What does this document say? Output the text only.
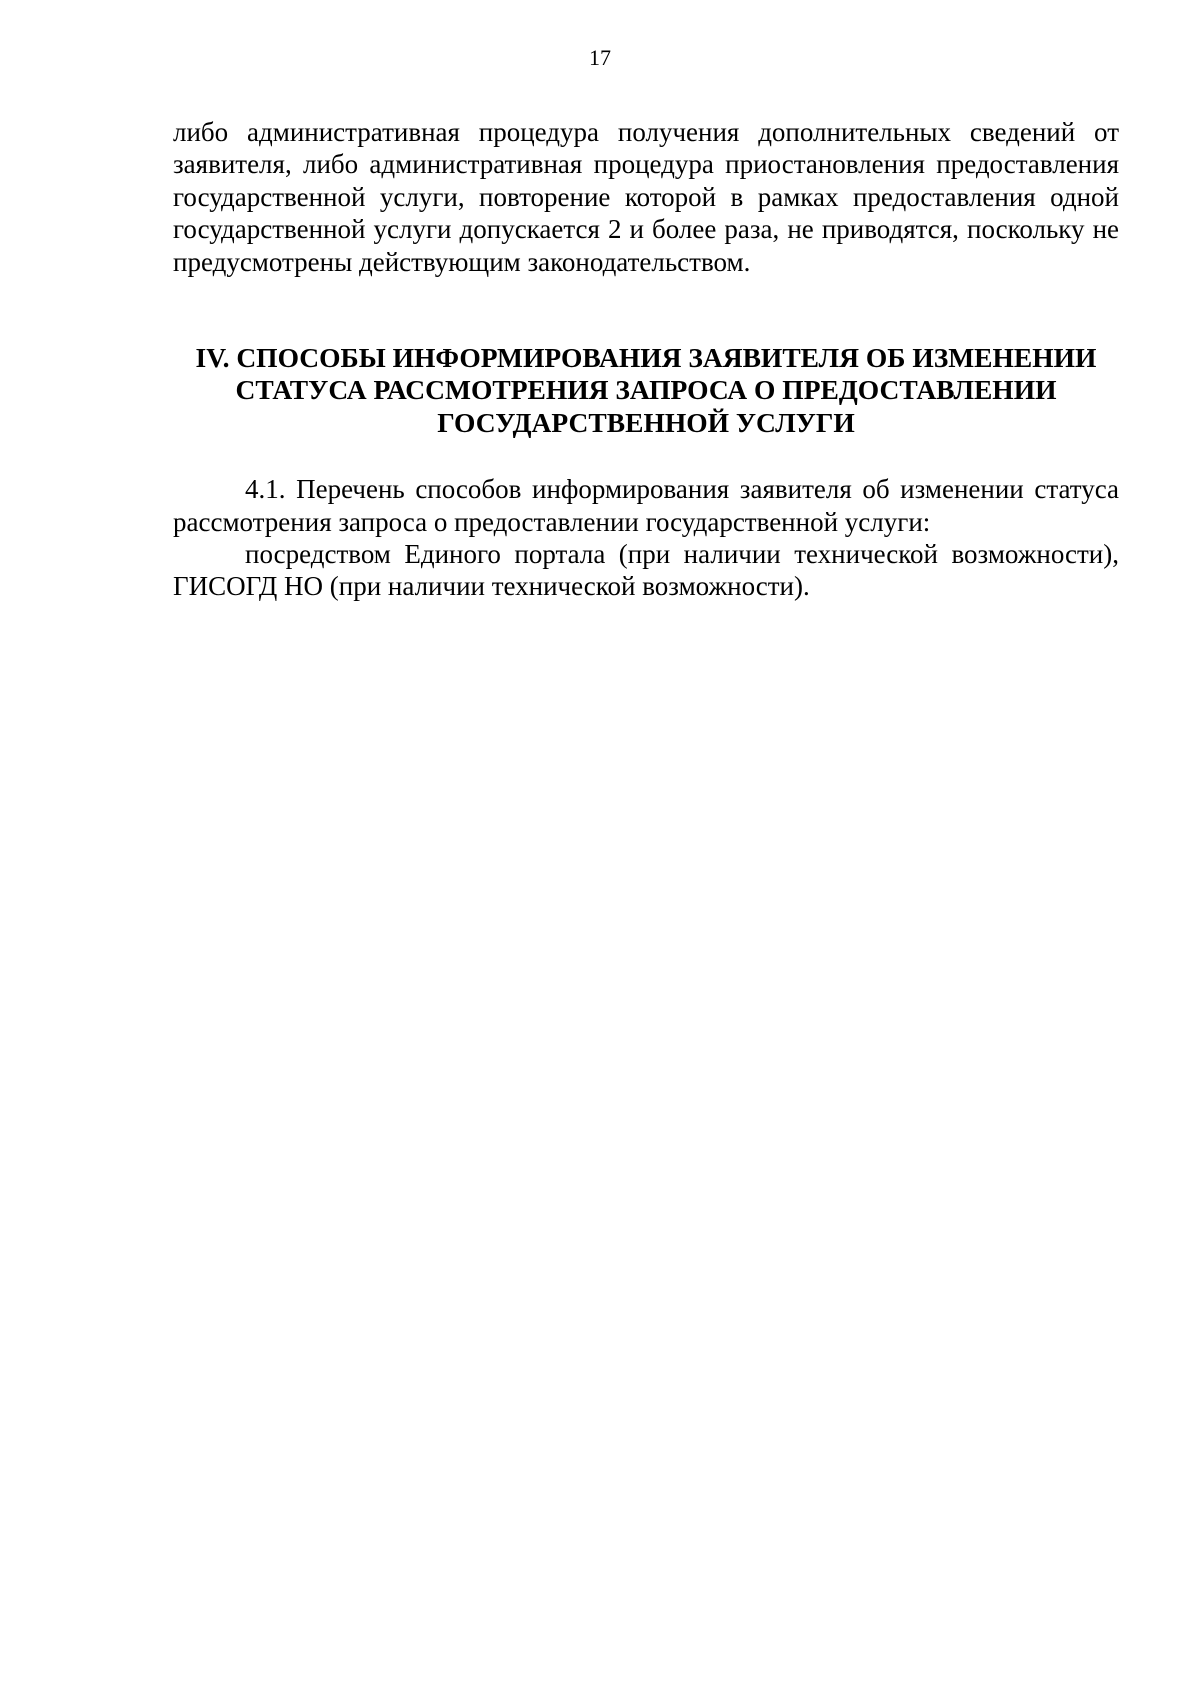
17

либо административная процедура получения дополнительных сведений от заявителя, либо административная процедура приостановления предоставления государственной услуги, повторение которой в рамках предоставления одной государственной услуги допускается 2 и более раза, не приводятся, поскольку не предусмотрены действующим законодательством.

IV. СПОСОБЫ ИНФОРМИРОВАНИЯ ЗАЯВИТЕЛЯ ОБ ИЗМЕНЕНИИ СТАТУСА РАССМОТРЕНИЯ ЗАПРОСА О ПРЕДОСТАВЛЕНИИ ГОСУДАРСТВЕННОЙ УСЛУГИ

4.1. Перечень способов информирования заявителя об изменении статуса рассмотрения запроса о предоставлении государственной услуги:

посредством Единого портала (при наличии технической возможности), ГИСОГД НО (при наличии технической возможности).
